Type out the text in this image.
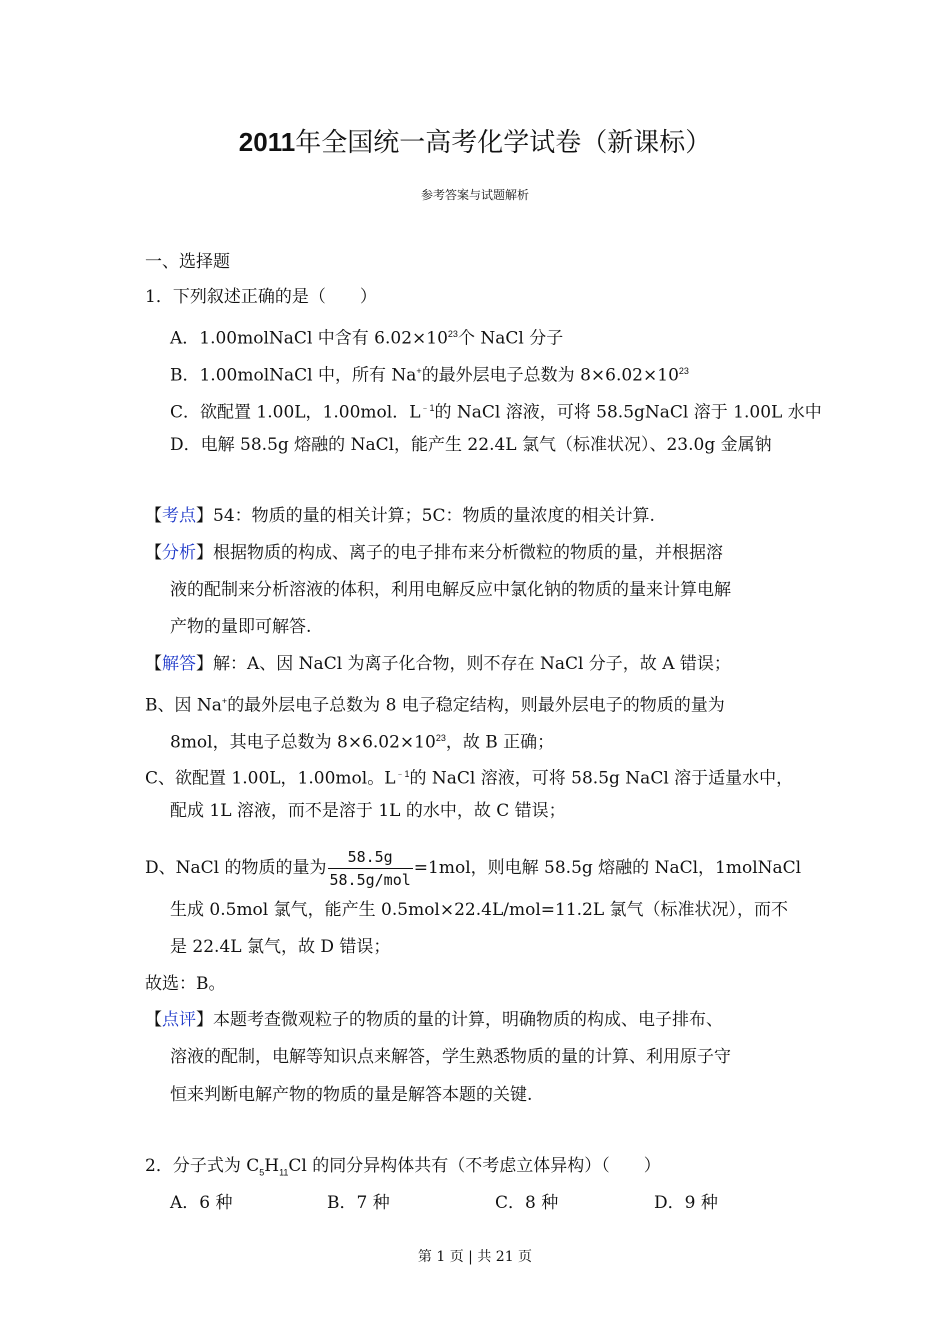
2011年全国统一高考化学试卷（新课标）
参考答案与试题解析
一、选择题
1．下列叙述正确的是（　　）
A．1.00molNaCl 中含有 $6.02\times 10^{23}$个 NaCl 分子
B．1.00molNaCl 中，所有 Na+的最外层电子总数为 $8\times 6.02\times 10^{23}$
C．欲配置 1.00L，1.00mol．$L^{﹣1}$的 NaCl 溶液，可将 58.5gNaCl 溶于 1.00L 水中
D．电解 58.5g 熔融的 NaCl，能产生 22.4L 氯气（标准状况）、23.0g 金属钠
【考点】54：物质的量的相关计算；5C：物质的量浓度的相关计算.
【分析】根据物质的构成、离子的电子排布来分析微粒的物质的量，并根据溶
液的配制来分析溶液的体积，利用电解反应中氯化钠的物质的量来计算电解
产物的量即可解答.
【解答】解：A、因 NaCl 为离子化合物，则不存在 NaCl 分子，故 A 错误；
B、因 Na+的最外层电子总数为 8 电子稳定结构，则最外层电子的物质的量为
8mol，其电子总数为 $8\times 6.02\times 10^{23}$，故 B 正确；
C、欲配置 1.00L，1.00mol。$L^{﹣1}$的 NaCl 溶液，可将 58.5g NaCl 溶于适量水中，
配成 1L 溶液，而不是溶于 1L 的水中，故 C 错误；
D、NaCl 的物质的量为 $\frac{58.5g}{\text{58.5g/mol}} =1mol$，则电解 58.5g 熔融的 NaCl，1molNaCl
生成 0.5mol 氯气，能产生 0.5mol×22.4L/mol=11.2L 氯气（标准状况），而不
是 22.4L 氯气，故 D 错误；
故选：B。
【点评】本题考查微观粒子的物质的量的计算，明确物质的构成、电子排布、
溶液的配制，电解等知识点来解答，学生熟悉物质的量的计算、利用原子守
恒来判断电解产物的物质的量是解答本题的关键.
2．分子式为 $C_5H_{11}Cl$ 的同分异构体共有（不考虑立体异构）（　　）
A．6 种	B．7 种	C．8 种	D．9 种
第 1 页 | 共 21 页
